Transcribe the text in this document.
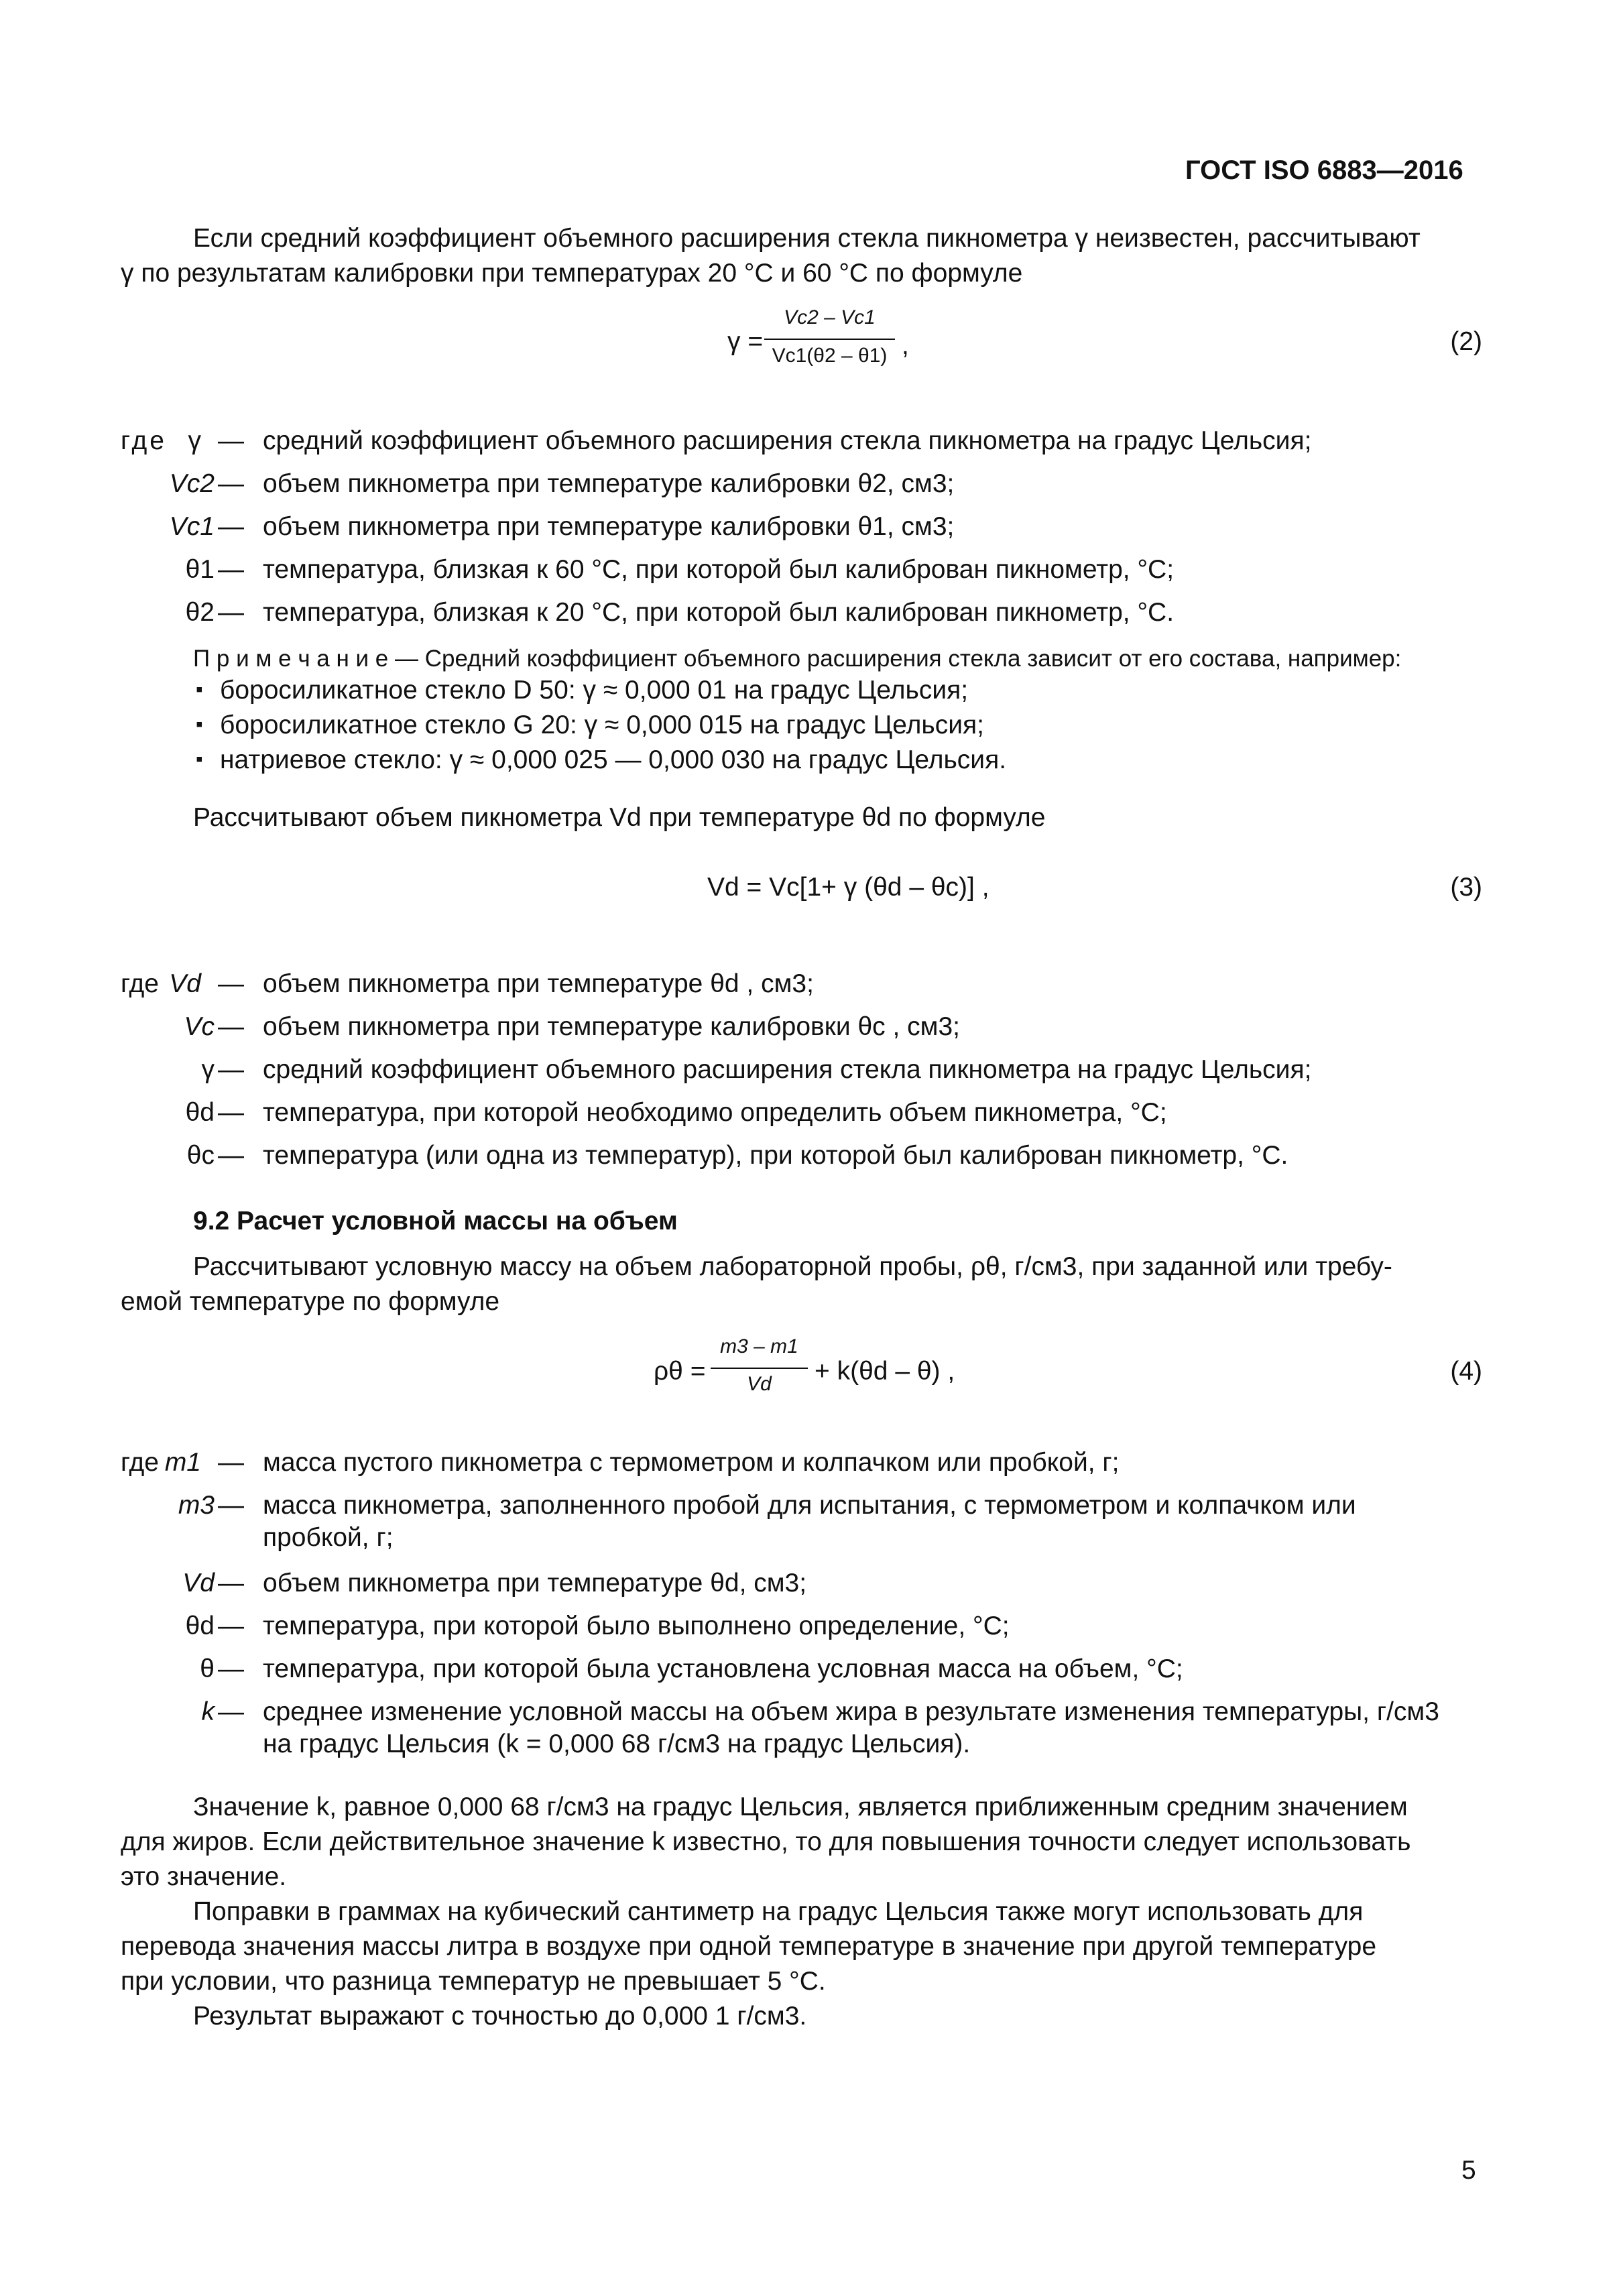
ГОСТ ISO 6883—2016
Если средний коэффициент объемного расширения стекла пикнометра γ неизвестен, рассчитывают
γ по результатам калибровки при температурах 20 °С и 60 °С по формуле
γ =
Vc2 – Vc1
Vc1(θ2 – θ1) ,	(2)
где γ — средний коэффициент объемного расширения стекла пикнометра на градус Цельсия;
Vc2 — объем пикнометра при температуре калибровки θ2, см3;
Vc1 — объем пикнометра при температуре калибровки θ1, см3;
θ1 — температура, близкая к 60 °С, при которой был калиброван пикнометр, °С;
θ2 — температура, близкая к 20 °С, при которой был калиброван пикнометр, °С.
П р и м е ч а н и е — Средний коэффициент объемного расширения стекла зависит от его состава, например:
▪ боросиликатное стекло D 50: γ ≈ 0,000 01 на градус Цельсия;
▪ боросиликатное стекло G 20: γ ≈ 0,000 015 на градус Цельсия;
▪ натриевое стекло: γ ≈ 0,000 025 — 0,000 030 на градус Цельсия.
Рассчитывают объем пикнометра Vd при температуре θd по формуле
Vd = Vc[1+ γ (θd – θc)] ,	(3)
где Vd — объем пикнометра при температуре θd , см3;
Vc — объем пикнометра при температуре калибровки θc , см3;
γ — средний коэффициент объемного расширения стекла пикнометра на градус Цельсия;
θd — температура, при которой необходимо определить объем пикнометра, °С;
θc — температура (или одна из температур), при которой был калиброван пикнометр, °С.
9.2 Расчет условной массы на объем
Рассчитывают условную массу на объем лабораторной пробы, ρθ, г/см3, при заданной или требу-
емой температуре по формуле
ρθ =
m3 – m1
Vd	+ k(θd – θ) ,	(4)
где m1 — масса пустого пикнометра с термометром и колпачком или пробкой, г;
m3 — масса пикнометра, заполненного пробой для испытания, с термометром и колпачком или
пробкой, г;
Vd — объем пикнометра при температуре θd, см3;
θd — температура, при которой было выполнено определение, °С;
θ — температура, при которой была установлена условная масса на объем, °С;
k — среднее изменение условной массы на объем жира в результате изменения температуры, г/см3
на градус Цельсия (k = 0,000 68 г/см3 на градус Цельсия).
Значение k, равное 0,000 68 г/см3 на градус Цельсия, является приближенным средним значением
для жиров. Если действительное значение k известно, то для повышения точности следует использовать
это значение.
Поправки в граммах на кубический сантиметр на градус Цельсия также могут использовать для
перевода значения массы литра в воздухе при одной температуре в значение при другой температуре
при условии, что разница температур не превышает 5 °С.
Результат выражают с точностью до 0,000 1 г/см3.
5
